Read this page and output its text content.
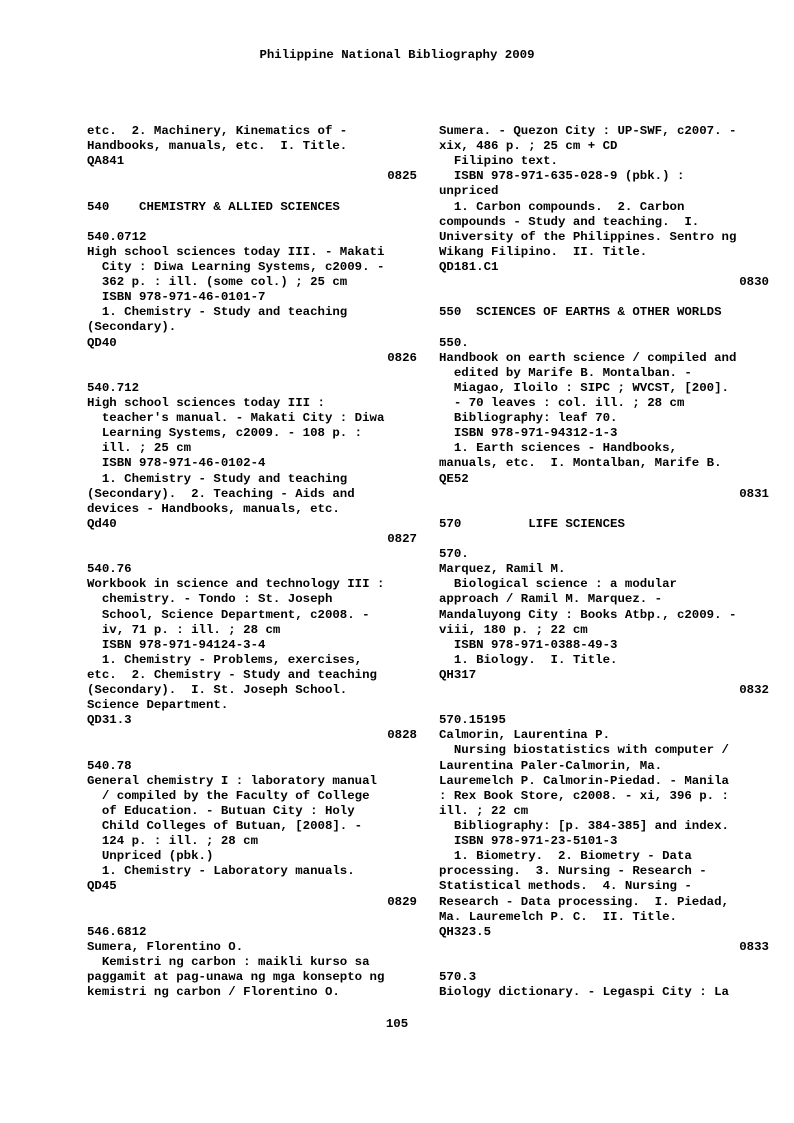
Philippine National Bibliography 2009
etc.  2. Machinery, Kinematics of -
Handbooks, manuals, etc.  I. Title.
QA841
0825
540    CHEMISTRY & ALLIED SCIENCES
540.0712
High school sciences today III. - Makati
City : Diwa Learning Systems, c2009. -
362 p. : ill. (some col.) ; 25 cm
ISBN 978-971-46-0101-7
1. Chemistry - Study and teaching
(Secondary).
QD40
0826
540.712
High school sciences today III :
teacher's manual. - Makati City : Diwa
Learning Systems, c2009. - 108 p. :
ill. ; 25 cm
ISBN 978-971-46-0102-4
1. Chemistry - Study and teaching
(Secondary).  2. Teaching - Aids and
devices - Handbooks, manuals, etc.
Qd40
0827
540.76
Workbook in science and technology III :
chemistry. - Tondo : St. Joseph
School, Science Department, c2008. -
iv, 71 p. : ill. ; 28 cm
ISBN 978-971-94124-3-4
1. Chemistry - Problems, exercises,
etc.  2. Chemistry - Study and teaching
(Secondary).  I. St. Joseph School.
Science Department.
QD31.3
0828
540.78
General chemistry I : laboratory manual
/ compiled by the Faculty of College
of Education. - Butuan City : Holy
Child Colleges of Butuan, [2008]. -
124 p. : ill. ; 28 cm
Unpriced (pbk.)
1. Chemistry - Laboratory manuals.
QD45
0829
546.6812
Sumera, Florentino O.
Kemistri ng carbon : maikli kurso sa
paggamit at pag-unawa ng mga konsepto ng
kemistri ng carbon / Florentino O.
Sumera. - Quezon City : UP-SWF, c2007. -
xix, 486 p. ; 25 cm + CD
Filipino text.
ISBN 978-971-635-028-9 (pbk.) :
unpriced
1. Carbon compounds.  2. Carbon
compounds - Study and teaching.  I.
University of the Philippines. Sentro ng
Wikang Filipino.  II. Title.
QD181.C1
0830
550  SCIENCES OF EARTHS & OTHER WORLDS
550.
Handbook on earth science / compiled and
edited by Marife B. Montalban. -
Miagao, Iloilo : SIPC ; WVCST, [200].
- 70 leaves : col. ill. ; 28 cm
Bibliography: leaf 70.
ISBN 978-971-94312-1-3
1. Earth sciences - Handbooks,
manuals, etc.  I. Montalban, Marife B.
QE52
0831
570         LIFE SCIENCES
570.
Marquez, Ramil M.
Biological science : a modular
approach / Ramil M. Marquez. -
Mandaluyong City : Books Atbp., c2009. -
viii, 180 p. ; 22 cm
ISBN 978-971-0388-49-3
1. Biology.  I. Title.
QH317
0832
570.15195
Calmorin, Laurentina P.
Nursing biostatistics with computer /
Laurentina Paler-Calmorin, Ma.
Lauremelch P. Calmorin-Piedad. - Manila
: Rex Book Store, c2008. - xi, 396 p. :
ill. ; 22 cm
Bibliography: [p. 384-385] and index.
ISBN 978-971-23-5101-3
1. Biometry.  2. Biometry - Data
processing.  3. Nursing - Research -
Statistical methods.  4. Nursing -
Research - Data processing.  I. Piedad,
Ma. Lauremelch P. C.  II. Title.
QH323.5
0833
570.3
Biology dictionary. - Legaspi City : La
105
